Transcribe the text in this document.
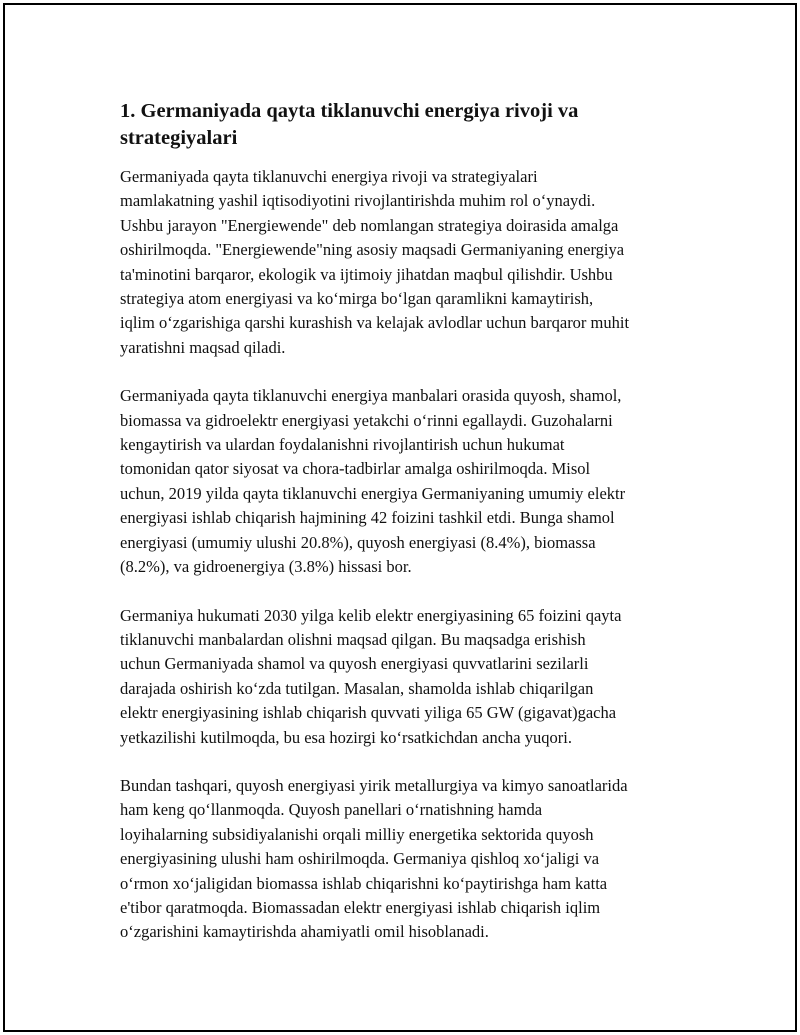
1. Germaniyada qayta tiklanuvchi energiya rivoji va
strategiyalari

Germaniyada qayta tiklanuvchi energiya rivoji va strategiyalari
mamlakatning yashil iqtisodiyotini rivojlantirishda muhim rol o‘ynaydi.
Ushbu jarayon "Energiewende" deb nomlangan strategiya doirasida amalga
oshirilmoqda. "Energiewende"ning asosiy maqsadi Germaniyaning energiya
ta'minotini barqaror, ekologik va ijtimoiy jihatdan maqbul qilishdir. Ushbu
strategiya atom energiyasi va ko‘mirga bo‘lgan qaramlikni kamaytirish,
iqlim o‘zgarishiga qarshi kurashish va kelajak avlodlar uchun barqaror muhit
yaratishni maqsad qiladi.

Germaniyada qayta tiklanuvchi energiya manbalari orasida quyosh, shamol,
biomassa va gidroelektr energiyasi yetakchi o‘rinni egallaydi. Guzohalarni
kengaytirish va ulardan foydalanishni rivojlantirish uchun hukumat
tomonidan qator siyosat va chora-tadbirlar amalga oshirilmoqda. Misol
uchun, 2019 yilda qayta tiklanuvchi energiya Germaniyaning umumiy elektr
energiyasi ishlab chiqarish hajmining 42 foizini tashkil etdi. Bunga shamol
energiyasi (umumiy ulushi 20.8%), quyosh energiyasi (8.4%), biomassa
(8.2%), va gidroenergiya (3.8%) hissasi bor.

Germaniya hukumati 2030 yilga kelib elektr energiyasining 65 foizini qayta
tiklanuvchi manbalardan olishni maqsad qilgan. Bu maqsadga erishish
uchun Germaniyada shamol va quyosh energiyasi quvvatlarini sezilarli
darajada oshirish ko‘zda tutilgan. Masalan, shamolda ishlab chiqarilgan
elektr energiyasining ishlab chiqarish quvvati yiliga 65 GW (gigavat)gacha
yetkazilishi kutilmoqda, bu esa hozirgi ko‘rsatkichdan ancha yuqori.

Bundan tashqari, quyosh energiyasi yirik metallurgiya va kimyo sanoatlarida
ham keng qo‘llanmoqda. Quyosh panellari o‘rnatishning hamda
loyihalarning subsidiyalanishi orqali milliy energetika sektorida quyosh
energiyasining ulushi ham oshirilmoqda. Germaniya qishloq xo‘jaligi va
o‘rmon xo‘jaligidan biomassa ishlab chiqarishni ko‘paytirishga ham katta
e'tibor qaratmoqda. Biomassadan elektr energiyasi ishlab chiqarish iqlim
o‘zgarishini kamaytirishda ahamiyatli omil hisoblanadi.
